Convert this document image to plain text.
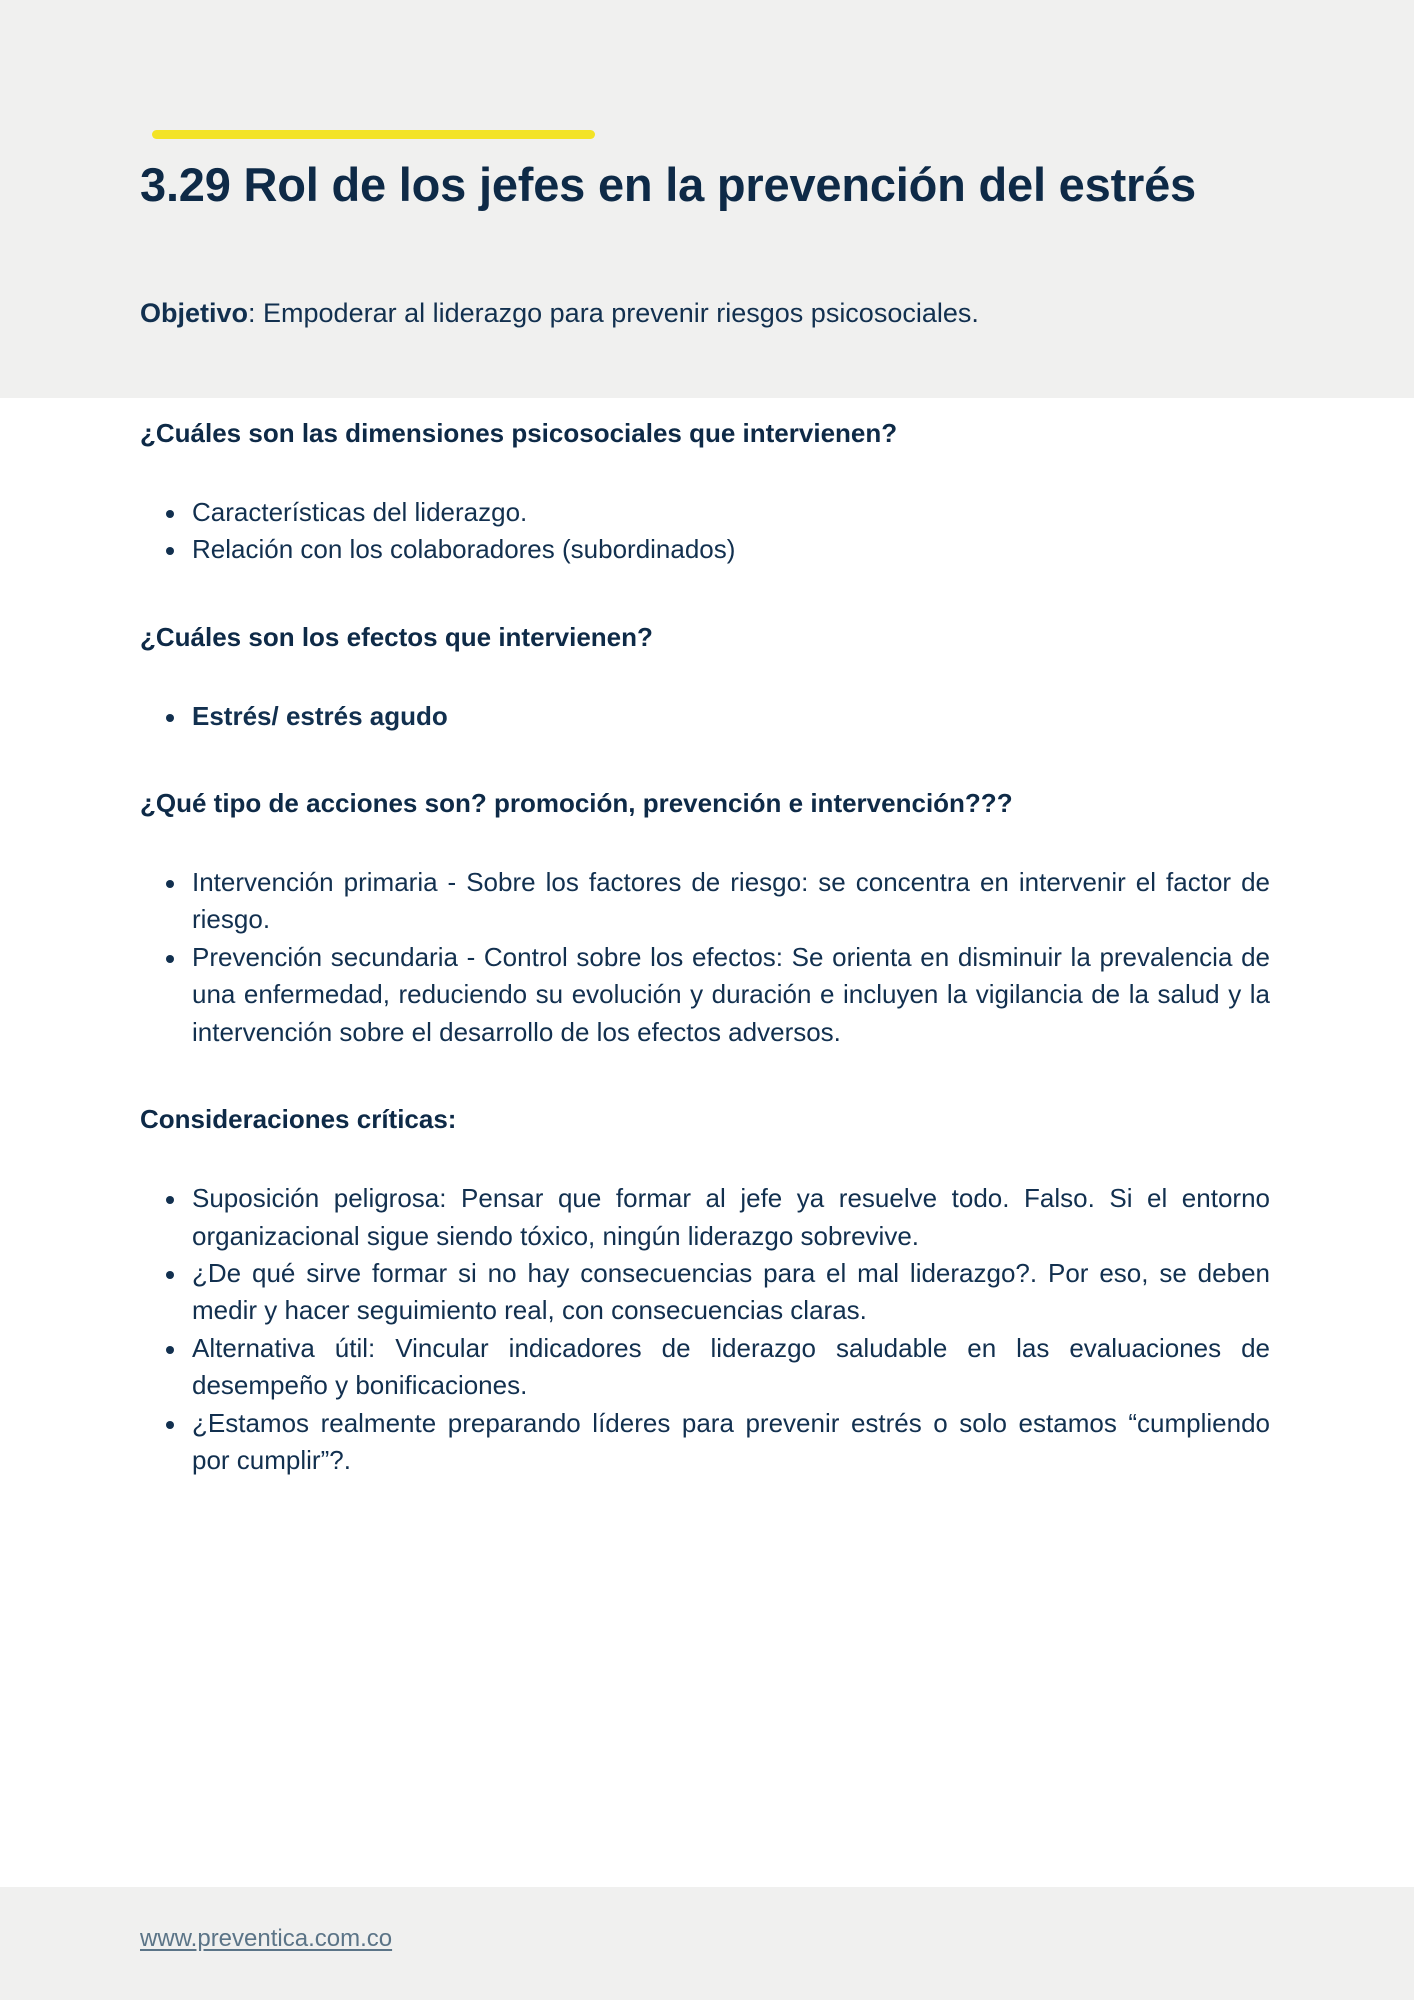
3.29 Rol de los jefes en la prevención del estrés

Objetivo: Empoderar al liderazgo para prevenir riesgos psicosociales.

¿Cuáles son las dimensiones psicosociales que intervienen?
Características del liderazgo.
Relación con los colaboradores (subordinados)
¿Cuáles son los efectos que intervienen?
Estrés/ estrés agudo
¿Qué tipo de acciones son? promoción, prevención e intervención???
Intervención primaria - Sobre los factores de riesgo: se concentra en intervenir el factor de riesgo.
Prevención secundaria - Control sobre los efectos: Se orienta en disminuir la prevalencia de una enfermedad, reduciendo su evolución y duración e incluyen la vigilancia de la salud y la intervención sobre el desarrollo de los efectos adversos.
Consideraciones críticas:
Suposición peligrosa: Pensar que formar al jefe ya resuelve todo. Falso. Si el entorno organizacional sigue siendo tóxico, ningún liderazgo sobrevive.
¿De qué sirve formar si no hay consecuencias para el mal liderazgo?. Por eso, se deben medir y hacer seguimiento real, con consecuencias claras.
Alternativa útil: Vincular indicadores de liderazgo saludable en las evaluaciones de desempeño y bonificaciones.
¿Estamos realmente preparando líderes para prevenir estrés o solo estamos “cumpliendo por cumplir”?.
www.preventica.com.co
